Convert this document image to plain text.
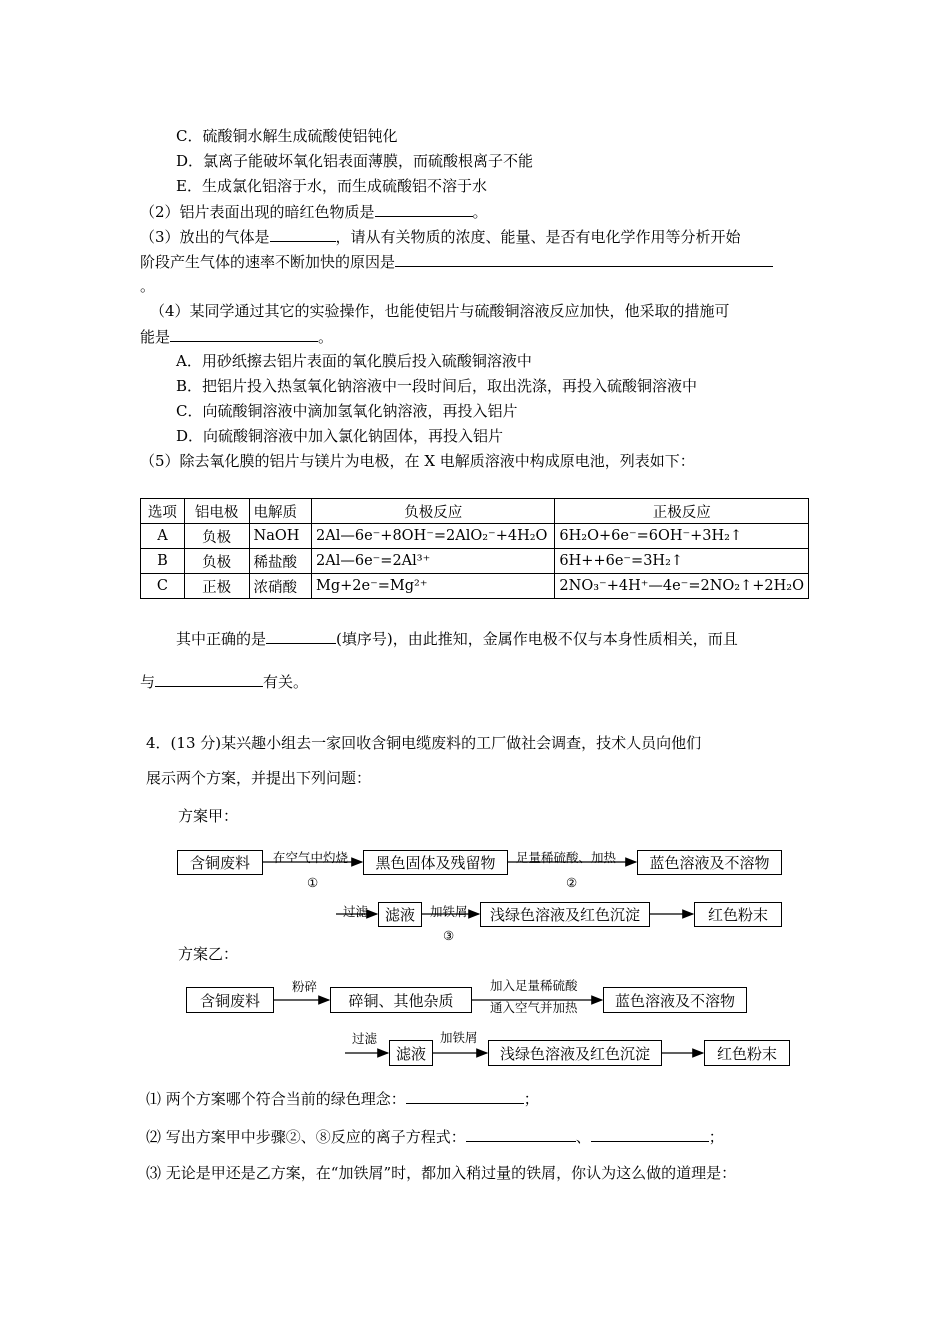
C．硫酸铜水解生成硫酸使铝钝化
D．氯离子能破坏氧化铝表面薄膜，而硫酸根离子不能
E．生成氯化铝溶于水，而生成硫酸铝不溶于水
（2）铝片表面出现的暗红色物质是	。
（3）放出的气体是	，请从有关物质的浓度、能量、是否有电化学作用等分析开始
阶段产生气体的速率不断加快的原因是
。
（4）某同学通过其它的实验操作，也能使铝片与硫酸铜溶液反应加快，他采取的措施可
能是	。
A．用砂纸擦去铝片表面的氧化膜后投入硫酸铜溶液中
B．把铝片投入热氢氧化钠溶液中一段时间后，取出洗涤，再投入硫酸铜溶液中
C．向硫酸铜溶液中滴加氢氧化钠溶液，再投入铝片
D．向硫酸铜溶液中加入氯化钠固体，再投入铝片
（5）除去氧化膜的铝片与镁片为电极，在 X 电解质溶液中构成原电池，列表如下：
选项	铝电极	电解质	负极反应	正极反应
A	负极	NaOH	2Al—6e⁻+8OH⁻=2AlO₂⁻+4H₂O	6H₂O+6e⁻=6OH⁻+3H₂↑
B	负极	稀盐酸	2Al—6e⁻=2Al³⁺	6H++6e⁻=3H₂↑
C	正极	浓硝酸	Mg+2e⁻=Mg²⁺	2NO₃⁻+4H⁺—4e⁻=2NO₂↑+2H₂O
其中正确的是	(填序号)，由此推知，金属作电极不仅与本身性质相关，而且
与	有关。
4．(13 分)某兴趣小组去一家回收含铜电缆废料的工厂做社会调查，技术人员向他们
展示两个方案，并提出下列问题：
方案甲：
含铜废料	黑色固体及残留物	蓝色溶液及不溶物
滤液	浅绿色溶液及红色沉淀	红色粉末
在空气中灼烧
①
足量稀硫酸、加热
②
过滤	加铁屑
③
方案乙：
含铜废料	碎铜、其他杂质	蓝色溶液及不溶物
滤液	浅绿色溶液及红色沉淀	红色粉末
粉碎	加入足量稀硫酸
通入空气并加热
过滤	加铁屑
⑴ 两个方案哪个符合当前的绿色理念：	；
⑵ 写出方案甲中步骤②、⑧反应的离子方程式：	、	；
⑶ 无论是甲还是乙方案，在“加铁屑”时，都加入稍过量的铁屑，你认为这么做的道理是：
